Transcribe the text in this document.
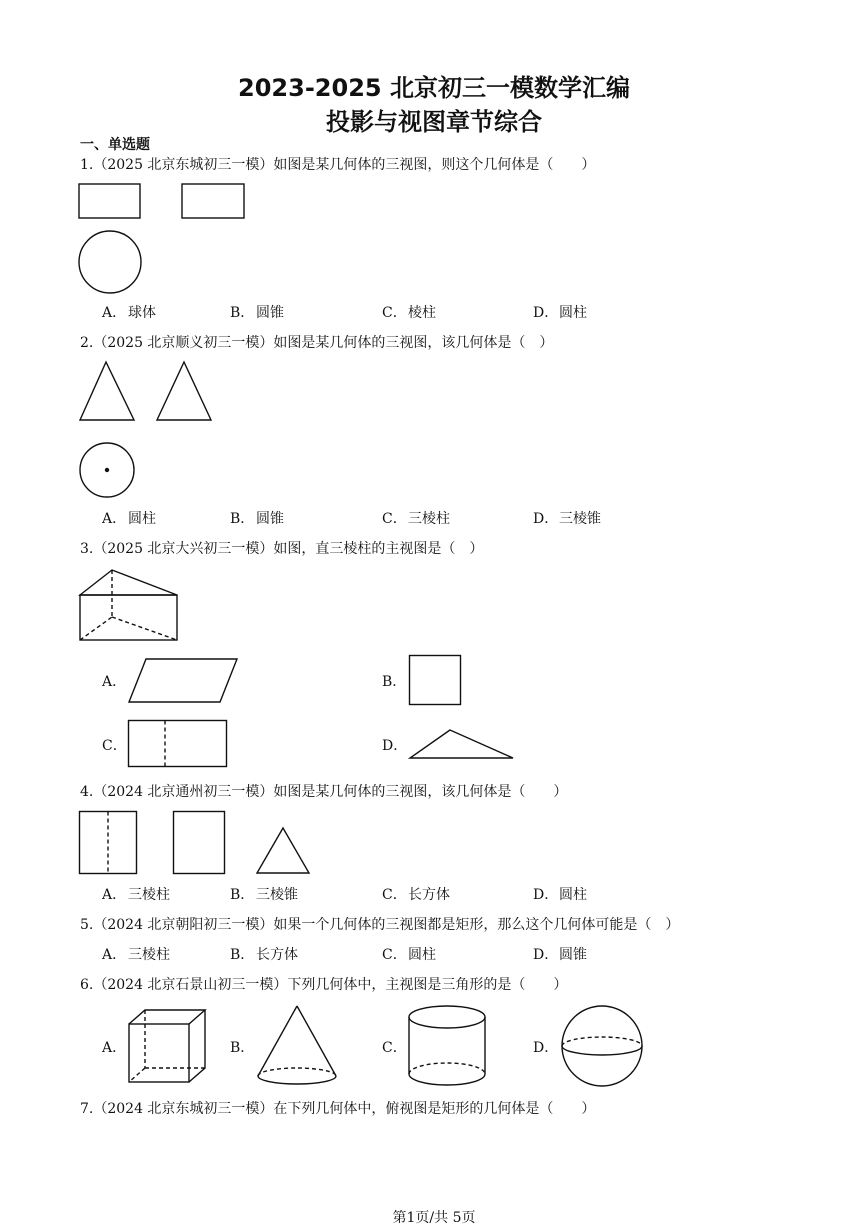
2023-2025 北京初三一模数学汇编
投影与视图章节综合
一、单选题
1.（2025 北京东城初三一模）如图是某几何体的三视图，则这个几何体是（　　）
A． 球体	B． 圆锥	C．棱柱	D．圆柱
2.（2025 北京顺义初三一模）如图是某几何体的三视图，该几何体是（　）
A． 圆柱	B． 圆锥	C．三棱柱	D．三棱锥
3.（2025 北京大兴初三一模）如图，直三棱柱的主视图是（　）
A．	B．
C．	D．
4.（2024 北京通州初三一模）如图是某几何体的三视图，该几何体是（　　）
A． 三棱柱	B． 三棱锥	C．长方体	D．圆柱
5.（2024 北京朝阳初三一模）如果一个几何体的三视图都是矩形，那么这个几何体可能是（　）
A． 三棱柱	B． 长方体	C．圆柱	D．圆锥
6.（2024 北京石景山初三一模）下列几何体中，主视图是三角形的是（　　）
A．	B．	C．	D．
7.（2024 北京东城初三一模）在下列几何体中，俯视图是矩形的几何体是（　　）
第1页/共 5页
